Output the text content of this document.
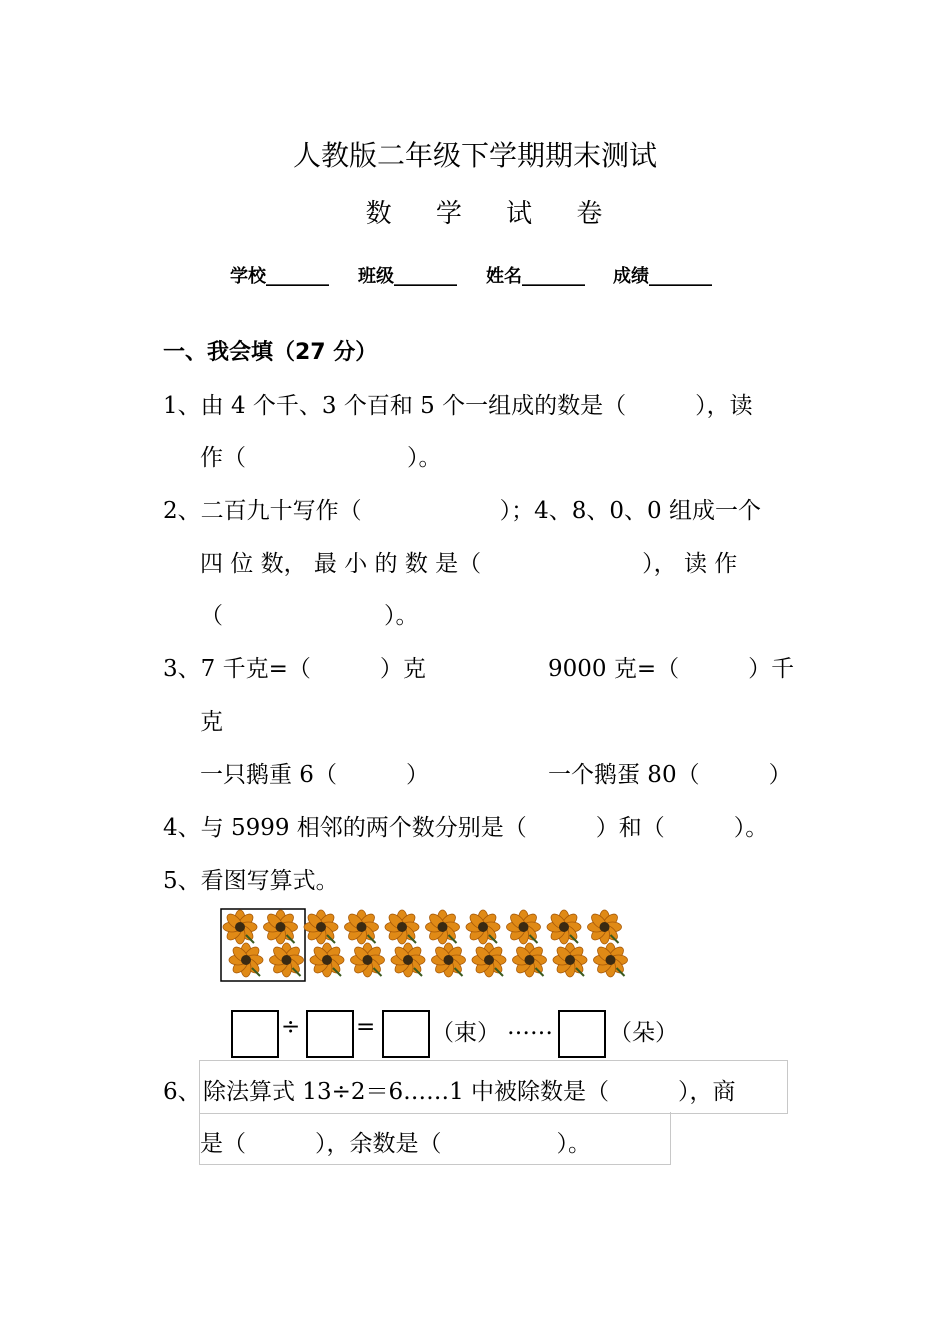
人教版二年级下学期期末测试
数 学 试 卷
学校_______ 班级_______ 姓名_______ 成绩_______
一、我会填（27 分）
1、由 4 个千、3 个百和 5 个一组成的数是（　　　），读
作（　　　　　　　）。
2、二百九十写作（　　　　　　）；4、8、0、0 组成一个
四 位 数， 最 小 的 数 是（　　　　　　　）， 读 作
（　　　　　　　）。
3、7 千克=（　　　）克	9000 克=（　　　）千
克
一只鹅重 6（　　　）	一个鹅蛋 80（　　　）
4、与 5999 相邻的两个数分别是（　　　）和（　　　）。
5、看图写算式。
÷ = （束） …… （朵）
6、 除法算式 13÷2＝6……1 中被除数是（　　　），商
是（　　　），余数是（　　　　　）。
